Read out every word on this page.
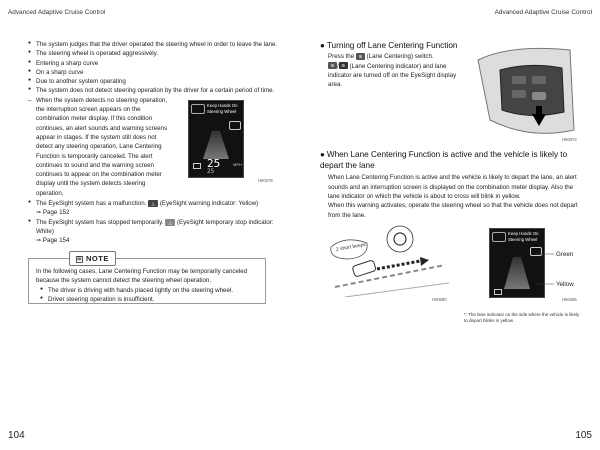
Advanced Adaptive Cruise Control	Advanced Adaptive Cruise Control
● The system judges that the driver operated the steering wheel in order to leave the lane.
● The steering wheel is operated aggressively.
● Entering a sharp curve
● On a sharp curve
● Due to another system operating
● The system does not detect steering operation by the driver for a certain period of time.
– When the system detects no steering operation, the interruption screen appears on the combination meter display. If this condition continues, an alert sounds and warning screens appear in stages. If the system still does not detect any steering operation, Lane Centering Function is temporarily canceled. The alert continues to sound and the warning screen continues to appear on the combination meter display until the system detects steering operation.
● The EyeSight system has a malfunction. △ (EyeSight warning indicator: Yellow)
⇒ Page 152
● The EyeSight system has stopped temporarily. △ (EyeSight temporary stop indicator: White)
⇒ Page 154
Keep Hands On Steering Wheel
25	MPH
25
H00278
☰ NOTE
In the following cases, Lane Centering Function may be temporarily canceled because the system cannot detect the steering wheel operation.
● The driver is driving with hands placed lightly on the steering wheel.
● Driver steering operation is insufficient.
● Turning off Lane Centering Function
Press the ⊞ (Lane Centering) switch.
⊞ / ⊞ (Lane Centering indicator) and lane indicator are turned off on the EyeSight display area.
H00072
● When Lane Centering Function is active and the vehicle is likely to depart the lane
When Lane Centering Function is active and the vehicle is likely to depart the lane, an alert sounds and an interruption screen is displayed on the combination meter display. Also the lane indicator on which the vehicle is about to cross will blink in yellow.
When this warning activates, operate the steering wheel so that the vehicle does not depart from the lane.
2 short beeps
H00080
Keep Hands On Steering Wheel
Green
Yellow
H00265
*: The lane indicator on the side where the vehicle is likely to depart blinks in yellow.
104	105
